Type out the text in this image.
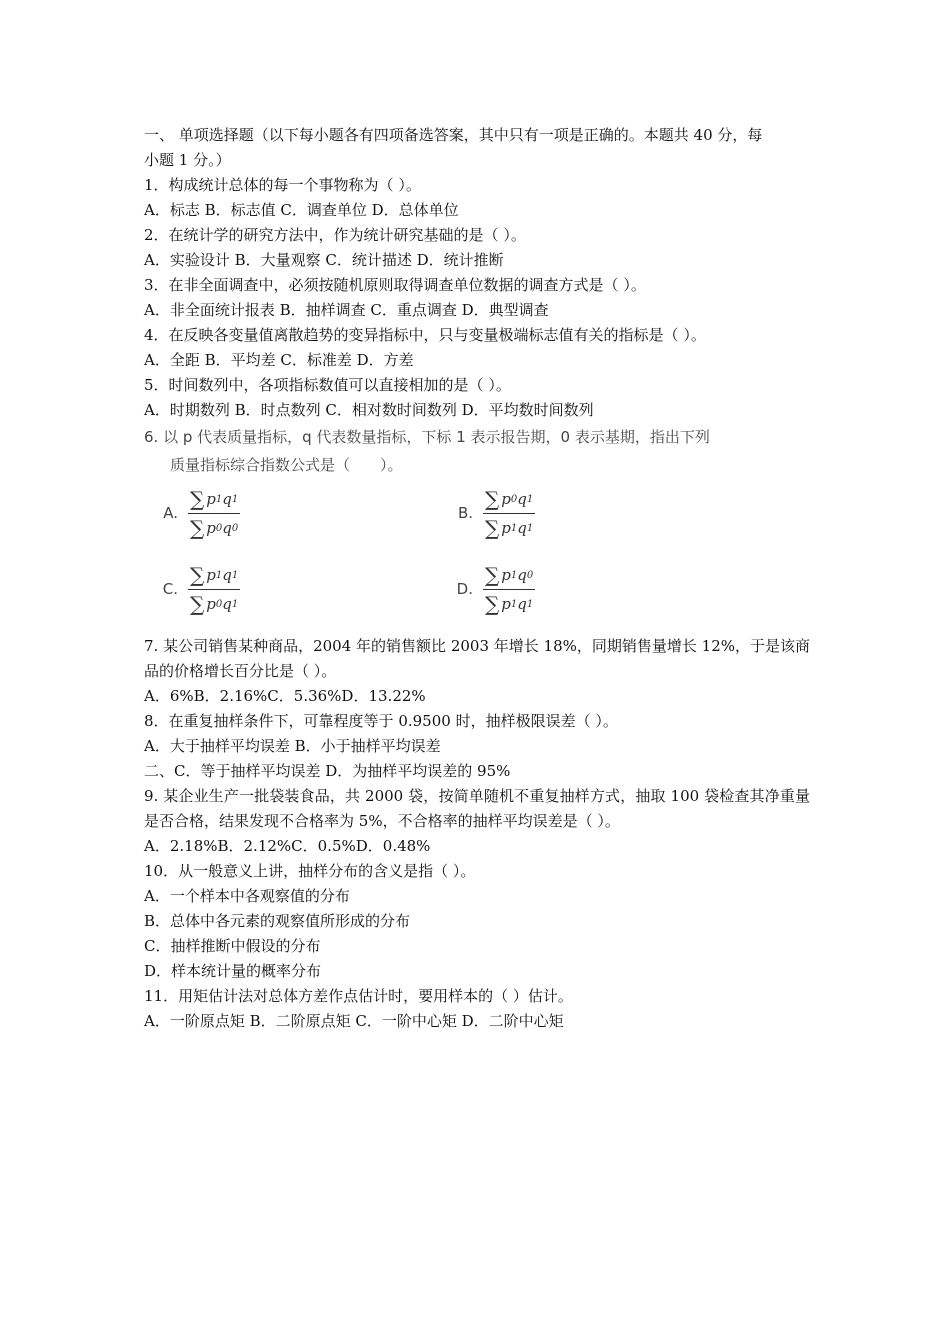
一、 单项选择题（以下每小题各有四项备选答案，其中只有一项是正确的。本题共 40 分，每
小题 1 分。）
1．构成统计总体的每一个事物称为（ ）。
A．标志 B．标志值 C．调查单位 D．总体单位
2．在统计学的研究方法中，作为统计研究基础的是（ ）。
A．实验设计 B．大量观察 C．统计描述 D．统计推断
3．在非全面调查中，必须按随机原则取得调查单位数据的调查方式是（ ）。
A．非全面统计报表 B．抽样调查 C．重点调查 D．典型调查
4．在反映各变量值离散趋势的变异指标中，只与变量极端标志值有关的指标是（ ）。
A．全距 B．平均差 C．标准差 D．方差
5．时间数列中，各项指标数值可以直接相加的是（ ）。
A．时期数列 B．时点数列 C．相对数时间数列 D．平均数时间数列
6. 以 p 代表质量指标，q 代表数量指标，下标 1 表示报告期，0 表示基期，指出下列
质量指标综合指数公式是（　　）。
A. $\frac{\sum p 1 q 1}{\sum p 0 q 0}$	B. $\frac{\sum p 0 q 1}{\sum p 1 q 1}$
C. $\frac{\sum p 1 q 1}{\sum p 0 q 1}$	D. $\frac{\sum p 1 q 0}{\sum p 1 q 1}$
7. 某公司销售某种商品，2004 年的销售额比 2003 年增长 18%，同期销售量增长 12%，于是该商品的价格增长百分比是（ ）。
A．6%B．2.16%C．5.36%D．13.22%
8．在重复抽样条件下，可靠程度等于 0.9500 时，抽样极限误差（ ）。
A．大于抽样平均误差 B．小于抽样平均误差
二、C．等于抽样平均误差 D．为抽样平均误差的 95%
9. 某企业生产一批袋装食品，共 2000 袋，按简单随机不重复抽样方式，抽取 100 袋检查其净重量是否合格，结果发现不合格率为 5%，不合格率的抽样平均误差是（ ）。
A．2.18%B．2.12%C．0.5%D．0.48%
10．从一般意义上讲，抽样分布的含义是指（ ）。
A．一个样本中各观察值的分布
B．总体中各元素的观察值所形成的分布
C．抽样推断中假设的分布
D．样本统计量的概率分布
11．用矩估计法对总体方差作点估计时，要用样本的（ ）估计。
A．一阶原点矩 B．二阶原点矩 C．一阶中心矩 D．二阶中心矩
